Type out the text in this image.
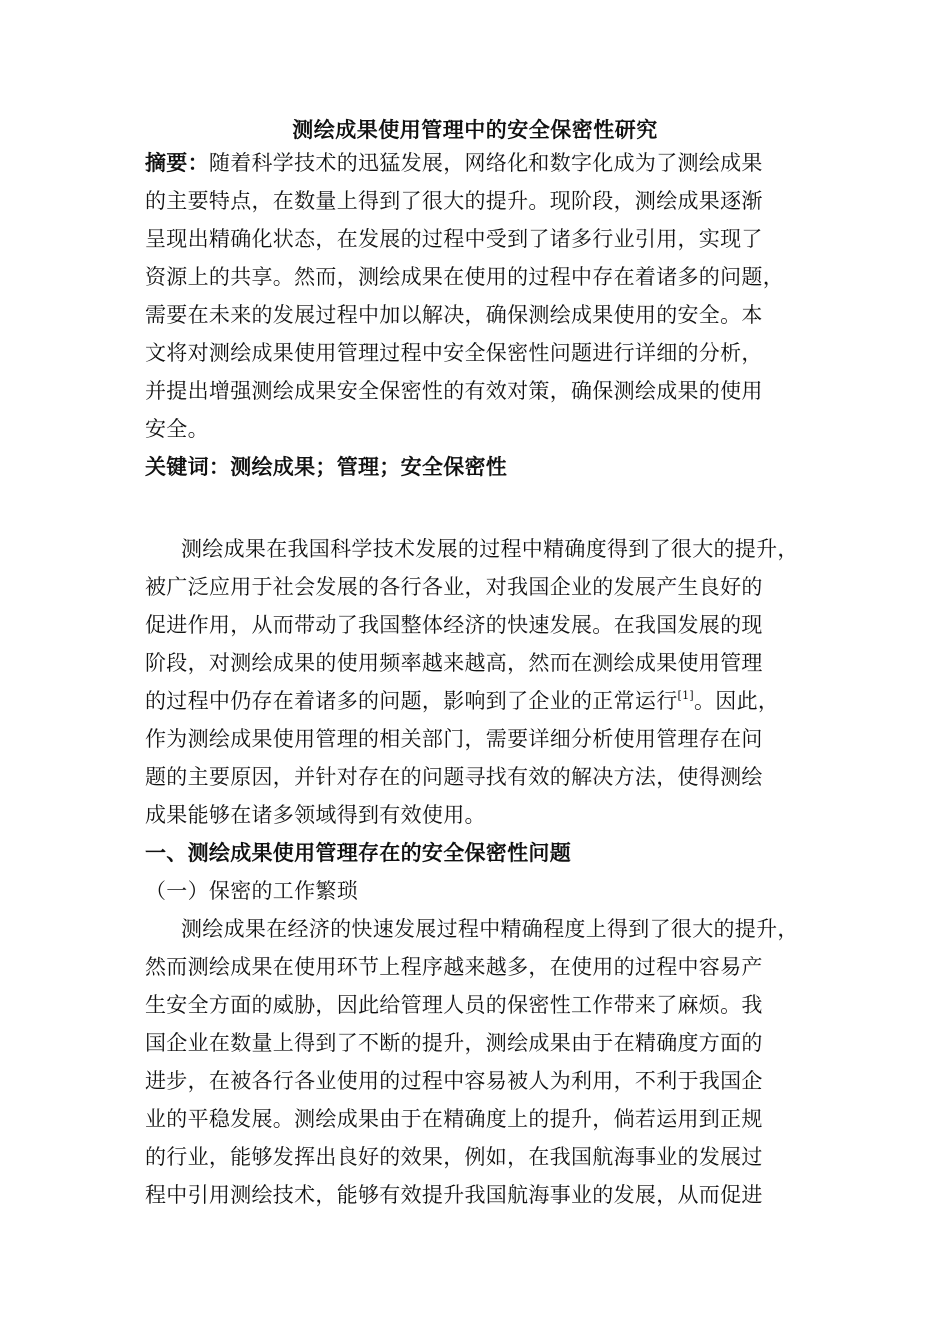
测绘成果使用管理中的安全保密性研究
摘要：随着科学技术的迅猛发展，网络化和数字化成为了测绘成果
的主要特点，在数量上得到了很大的提升。现阶段，测绘成果逐渐
呈现出精确化状态，在发展的过程中受到了诸多行业引用，实现了
资源上的共享。然而，测绘成果在使用的过程中存在着诸多的问题，
需要在未来的发展过程中加以解决，确保测绘成果使用的安全。本
文将对测绘成果使用管理过程中安全保密性问题进行详细的分析，
并提出增强测绘成果安全保密性的有效对策，确保测绘成果的使用
安全。
关键词：测绘成果；管理；安全保密性
测绘成果在我国科学技术发展的过程中精确度得到了很大的提升，
被广泛应用于社会发展的各行各业，对我国企业的发展产生良好的
促进作用，从而带动了我国整体经济的快速发展。在我国发展的现
阶段，对测绘成果的使用频率越来越高，然而在测绘成果使用管理
的过程中仍存在着诸多的问题，影响到了企业的正常运行[1]。因此，
作为测绘成果使用管理的相关部门，需要详细分析使用管理存在问
题的主要原因，并针对存在的问题寻找有效的解决方法，使得测绘
成果能够在诸多领域得到有效使用。
一、测绘成果使用管理存在的安全保密性问题
（一）保密的工作繁琐
测绘成果在经济的快速发展过程中精确程度上得到了很大的提升，
然而测绘成果在使用环节上程序越来越多，在使用的过程中容易产
生安全方面的威胁，因此给管理人员的保密性工作带来了麻烦。我
国企业在数量上得到了不断的提升，测绘成果由于在精确度方面的
进步，在被各行各业使用的过程中容易被人为利用，不利于我国企
业的平稳发展。测绘成果由于在精确度上的提升，倘若运用到正规
的行业，能够发挥出良好的效果，例如，在我国航海事业的发展过
程中引用测绘技术，能够有效提升我国航海事业的发展，从而促进
